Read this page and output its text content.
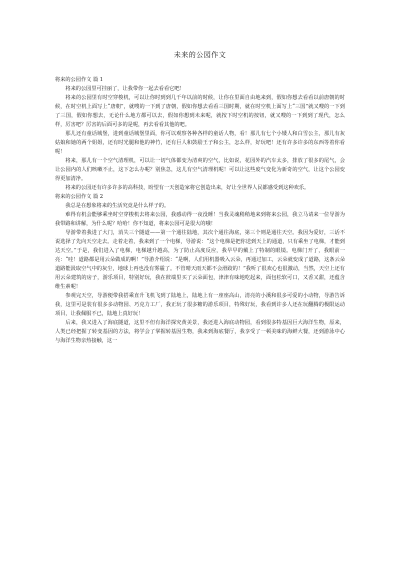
未来的公园作文

将来的公园作文 篇 1

将来的公园里可挂丽了，让我带你一起去看看它吧！

将来的公园里有时空穿梭机，可以让你时到到几千年以前的时候，让你在里面自由地来到，假如你想去看看以前唐朝的时候，在时空机上面写上“唐朝”，就嗖的一下到了唐朝，假如你想去看看三国时期，就在时空机上面写上“三国”就又嗖的一下到了三国，假如你想去，无论什么地方都可以去，假如你想到未来呢，就按下时空机的按钮，就又嗖的一下到到了现代，怎么样，厉害吧？厉害的后面可多的是呢，再去看看其他的吧。

那儿还有童话城堡，进到童话城堡里面，你可以观察各种各样的童话人物，看！那儿有七个小矮人和白雪公主，那儿有灰姑娘和她的两个姐姐，还有时光腿和他的神竹，还有巨人和鼓励王子和公主，怎么样，好玩吧！还有许多许多的东西等着你看呢！

将来，那儿有一个空气清理机，可以让一切气体都变为清爽的空气，比如说，花园外的汽车太多，排放了很多的尾气，会让公园内的人们咳嗽不止，这下怎么办呢？别焦急，这儿有空气清理机呢！可以让这些废气变化为新奇的空气，让这个公园变得更加清净。

将来的公园还有许多许多的高科技，盼望有一天创造家将它创造出来，好让全世界人民都感受到这种欢乐。

将来的公园作文 篇 2

我总是在想象将来的生活究竟是什么样子的。

难得有机会能够乘坐时空穿梭机去将来公园，我感动得一夜没睡！当我灵魂稍稍地来到将来公园，我立马请来一位导游为我带路和讲解，为什么呢？哈哈！你不知道，将来公园可是很大的哦！

导游带着我进了大门，消失三个隧道——第一个通往陆地，其次个通往海底，第三个则是通往天空。我因为爱好，三话不说选择了先向天空走去。走着走着，我来到了一个电梯，导游说：“这个电梯是把你送到天上的通道，只有乘坐了电梯，才能到达天空。”于是，我们进入了电梯，电梯越升越高，为了防止高度反应，我早早的戴上了特制的眼镜。电梯门开了，我眼前一亮：“哇！道路都是用云朵做成的啊！”导游介绍说：“是啊，人们用机器吸入云朵，再通过加工，云朵就变成了道路，这条云朵道路能汲取空气中的灰尘，地球上再也没有雾霾了。不管晴天雨天都不会滑跤的！”我听了很欢心也很激动，当然，天空上还有用云朵建筑的房子，游乐项目，特别好玩，我在彼端里买了云朵面包，津津有味地吃起来，面包松软可口，又香又甜，还蕴含维生素呢！

参观完天空，导游便带我搭乘直升飞机飞到了陆地上，陆地上有一座座高山，清亮的小溪和很多可爱的小动物，导游告诉我，这里可是装有很多多动物园、巧克力工厂，我正玩了很多糖的游乐项目，特殊好玩，我看到许多人还在玩翻腾的极限运动项目，让我佩服不已，陆地上真好玩！

后来，我又进入了海底隧道，这里不但有海洋探究黄美景，我还进入海底动物园，看到很多特基因巨大海洋生物，原来，人类已经把握了转变基因的方法，将学会了掌握转基因生物，我来到海底餐厅，我享受了一顿美味的海鲜大餐，还到游泳中心与海洋生物亲热接触，这一
